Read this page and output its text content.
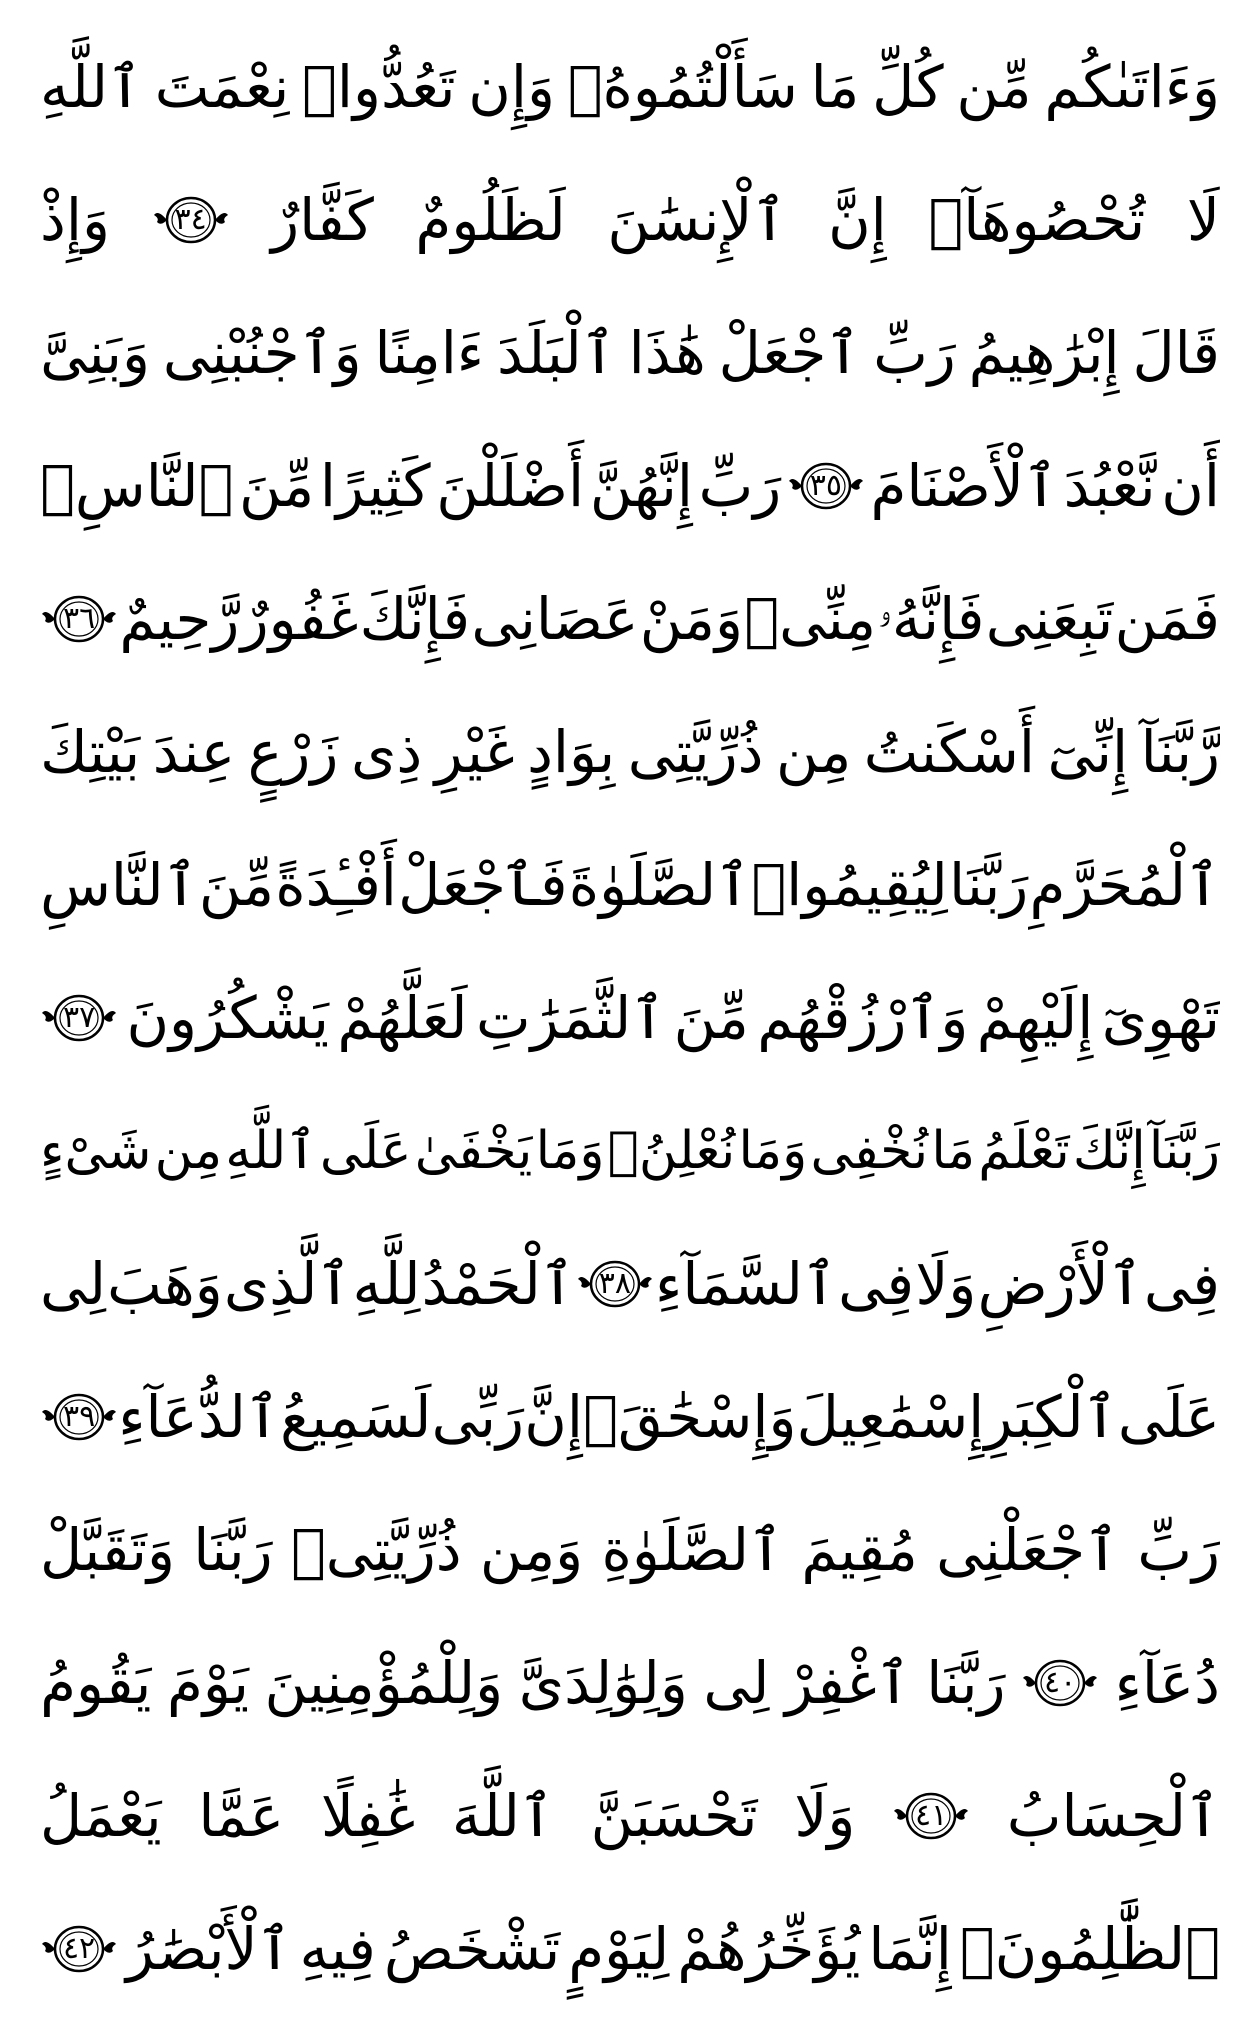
وَءَاتَىٰكُم
مِّن
كُلِّ
مَا
سَأَلْتُمُوهُۚ
وَإِن
تَعُدُّوا۟
نِعْمَتَ
ٱللَّهِ
لَا
تُحْصُوهَآۗ
إِنَّ
ٱلْإِنسَٰنَ
لَظَلُومٌ
كَفَّارٌ
٣٤
وَإِذْ
قَالَ
إِبْرَٰهِيمُ
رَبِّ
ٱجْعَلْ
هَٰذَا
ٱلْبَلَدَ
ءَامِنًا
وَٱجْنُبْنِى
وَبَنِىَّ
أَن
نَّعْبُدَ
ٱلْأَصْنَامَ
٣٥
رَبِّ
إِنَّهُنَّ
أَضْلَلْنَ
كَثِيرًا
مِّنَ
ٱلنَّاسِۖ
فَمَن
تَبِعَنِى
فَإِنَّهُۥ
مِنِّىۖ
وَمَنْ
عَصَانِى
فَإِنَّكَ
غَفُورٌ
رَّحِيمٌ
٣٦
رَّبَّنَآ
إِنِّىٓ
أَسْكَنتُ
مِن
ذُرِّيَّتِى
بِوَادٍ
غَيْرِ
ذِى
زَرْعٍ
عِندَ
بَيْتِكَ
ٱلْمُحَرَّمِ
رَبَّنَا
لِيُقِيمُوا۟
ٱلصَّلَوٰةَ
فَٱجْعَلْ
أَفْـِٔدَةً
مِّنَ
ٱلنَّاسِ
تَهْوِىٓ
إِلَيْهِمْ
وَٱرْزُقْهُم
مِّنَ
ٱلثَّمَرَٰتِ
لَعَلَّهُمْ
يَشْكُرُونَ
٣٧
رَبَّنَآ
إِنَّكَ
تَعْلَمُ
مَا
نُخْفِى
وَمَا
نُعْلِنُۗ
وَمَا
يَخْفَىٰ
عَلَى
ٱللَّهِ
مِن
شَىْءٍ
فِى
ٱلْأَرْضِ
وَلَا
فِى
ٱلسَّمَآءِ
٣٨
ٱلْحَمْدُ
لِلَّهِ
ٱلَّذِى
وَهَبَ
لِى
عَلَى
ٱلْكِبَرِ
إِسْمَٰعِيلَ
وَإِسْحَٰقَۚ
إِنَّ
رَبِّى
لَسَمِيعُ
ٱلدُّعَآءِ
٣٩
رَبِّ
ٱجْعَلْنِى
مُقِيمَ
ٱلصَّلَوٰةِ
وَمِن
ذُرِّيَّتِىۚ
رَبَّنَا
وَتَقَبَّلْ
دُعَآءِ
٤٠
رَبَّنَا
ٱغْفِرْ
لِى
وَلِوَٰلِدَىَّ
وَلِلْمُؤْمِنِينَ
يَوْمَ
يَقُومُ
ٱلْحِسَابُ
٤١
وَلَا
تَحْسَبَنَّ
ٱللَّهَ
غَٰفِلًا
عَمَّا
يَعْمَلُ
ٱلظَّٰلِمُونَۚ
إِنَّمَا
يُؤَخِّرُهُمْ
لِيَوْمٍ
تَشْخَصُ
فِيهِ
ٱلْأَبْصَٰرُ
٤٢
